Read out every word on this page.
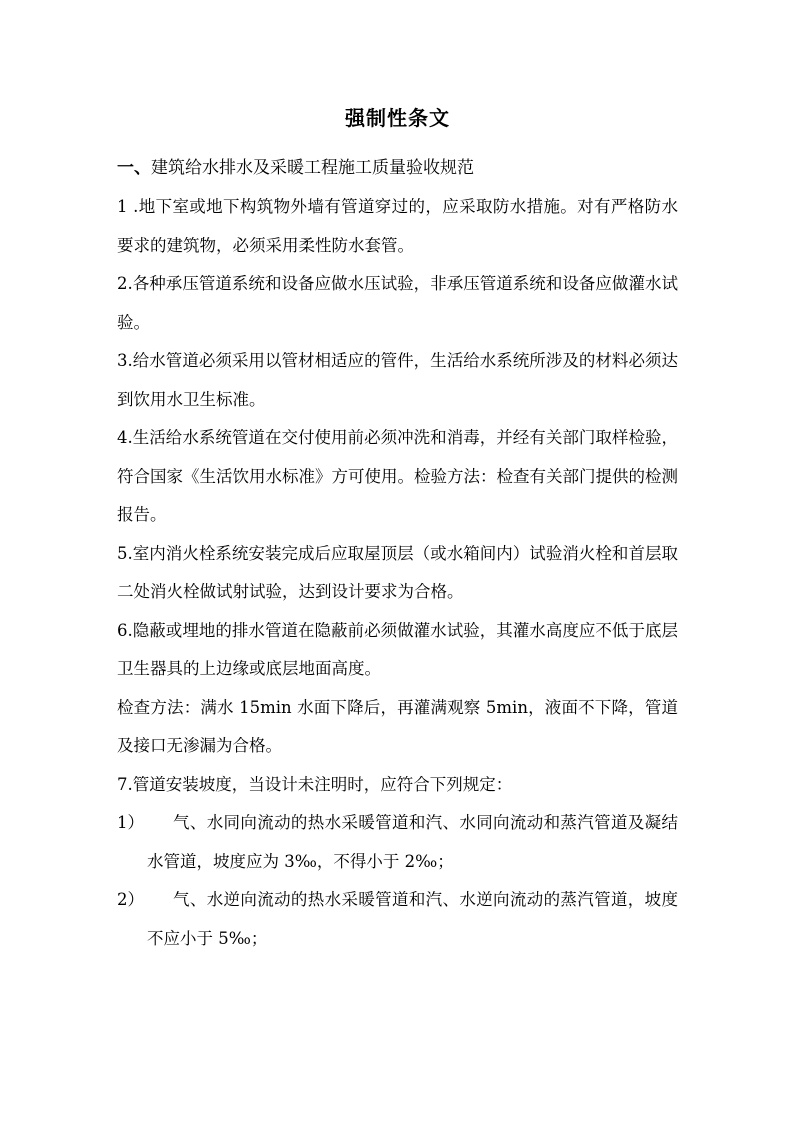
强制性条文
一、建筑给水排水及采暖工程施工质量验收规范

1 .地下室或地下构筑物外墙有管道穿过的，应采取防水措施。对有严格防水要求的建筑物，必须采用柔性防水套管。

2.各种承压管道系统和设备应做水压试验，非承压管道系统和设备应做灌水试验。

3.给水管道必须采用以管材相适应的管件，生活给水系统所涉及的材料必须达到饮用水卫生标准。

4.生活给水系统管道在交付使用前必须冲洗和消毒，并经有关部门取样检验，符合国家《生活饮用水标准》方可使用。检验方法：检查有关部门提供的检测报告。

5.室内消火栓系统安装完成后应取屋顶层（或水箱间内）试验消火栓和首层取二处消火栓做试射试验，达到设计要求为合格。

6.隐蔽或埋地的排水管道在隐蔽前必须做灌水试验，其灌水高度应不低于底层卫生器具的上边缘或底层地面高度。

检查方法：满水 15min 水面下降后，再灌满观察 5min，液面不下降，管道及接口无渗漏为合格。

7.管道安装坡度，当设计未注明时，应符合下列规定：

1）	气、水同向流动的热水采暖管道和汽、水同向流动和蒸汽管道及凝结水管道，坡度应为 3‰，不得小于 2‰；
2）	气、水逆向流动的热水采暖管道和汽、水逆向流动的蒸汽管道，坡度不应小于 5‰；
